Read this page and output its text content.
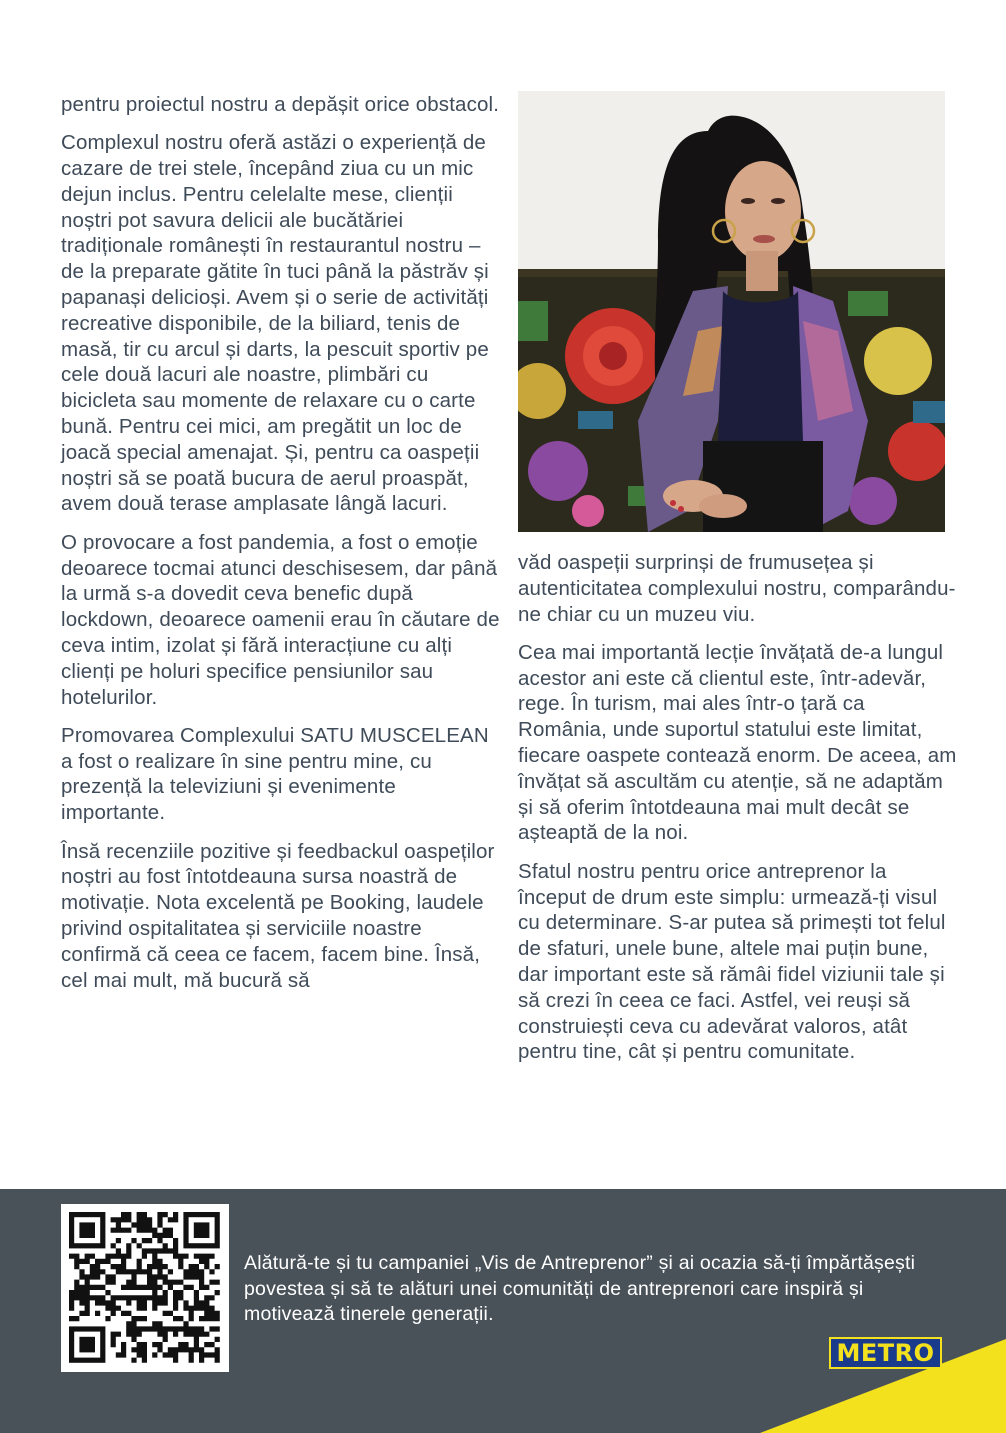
pentru proiectul nostru a depășit orice obstacol.

Complexul nostru oferă astăzi o experiență de cazare de trei stele, începând ziua cu un mic dejun inclus. Pentru celelalte mese, clienții noștri pot savura delicii ale bucătăriei tradiționale românești în restaurantul nostru – de la preparate gătite în tuci până la păstrăv și papanași delicioși. Avem și o serie de activități recreative disponibile, de la biliard, tenis de masă, tir cu arcul și darts, la pescuit sportiv pe cele două lacuri ale noastre, plimbări cu bicicleta sau momente de relaxare cu o carte bună. Pentru cei mici, am pregătit un loc de joacă special amenajat. Și, pentru ca oaspeții noștri să se poată bucura de aerul proaspăt, avem două terase amplasate lângă lacuri.

O provocare a fost pandemia, a fost o emoție deoarece tocmai atunci deschisesem, dar până la urmă s-a dovedit ceva benefic după lockdown, deoarece oamenii erau în căutare de ceva intim, izolat și fără interacțiune cu alți clienți pe holuri specifice pensiunilor sau hotelurilor.

Promovarea Complexului SATU MUSCELEAN a fost o realizare în sine pentru mine, cu prezență la televiziuni și evenimente importante.

Însă recenziile pozitive și feedbackul oaspeților noștri au fost întotdeauna sursa noastră de motivație. Nota excelentă pe Booking, laudele privind ospitalitatea și serviciile noastre confirmă că ceea ce facem, facem bine. Însă, cel mai mult, mă bucură să

văd oaspeții surprinși de frumusețea și autenticitatea complexului nostru, comparându-ne chiar cu un muzeu viu.

Cea mai importantă lecție învățată de-a lungul acestor ani este că clientul este, într-adevăr, rege. În turism, mai ales într-o țară ca România, unde suportul statului este limitat, fiecare oaspete contează enorm. De aceea, am învățat să ascultăm cu atenție, să ne adaptăm și să oferim întotdeauna mai mult decât se așteaptă de la noi.

Sfatul nostru pentru orice antreprenor la început de drum este simplu: urmează-ți visul cu determinare. S-ar putea să primești tot felul de sfaturi, unele bune, altele mai puțin bune, dar important este să rămâi fidel viziunii tale și să crezi în ceea ce faci. Astfel, vei reuși să construiești ceva cu adevărat valoros, atât pentru tine, cât și pentru comunitate.

Alătură-te și tu campaniei „Vis de Antreprenor” și ai ocazia să-ți împărtășești povestea și să te alături unei comunități de antreprenori care inspiră și motivează tinerele generații.
METRO
